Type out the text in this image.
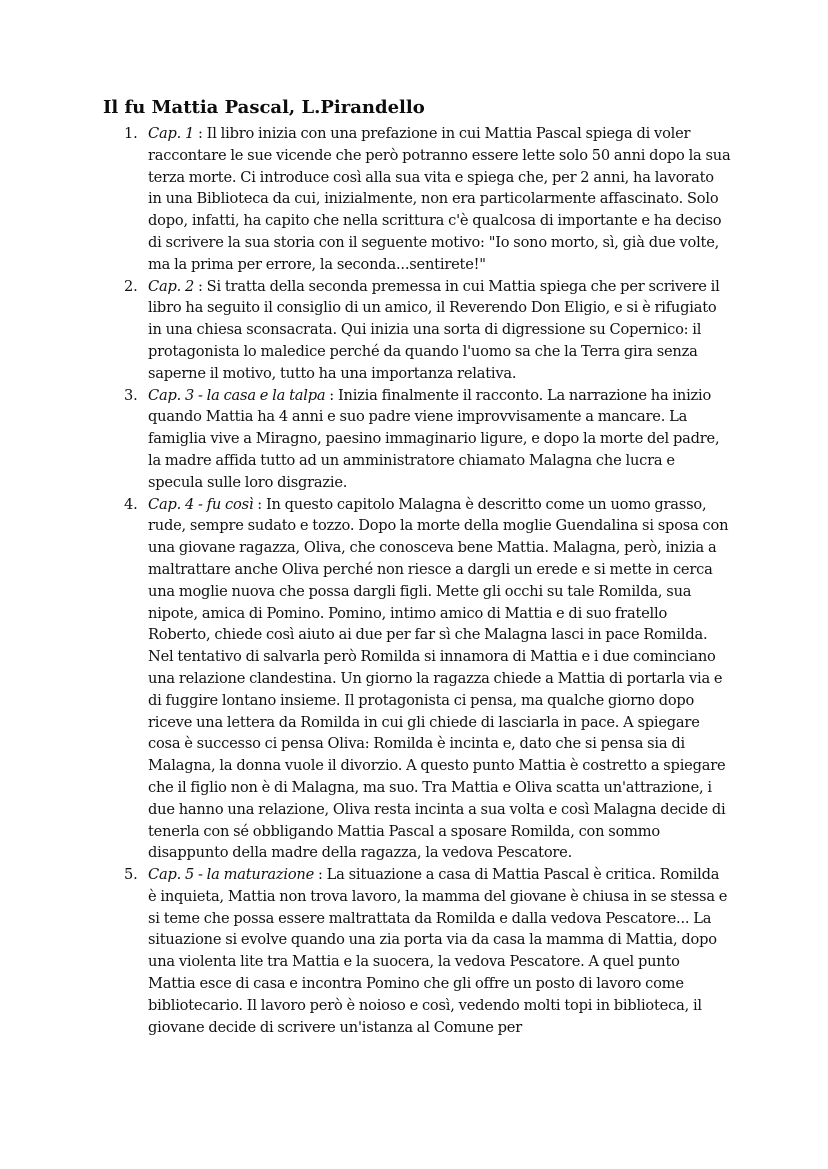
Il fu Mattia Pascal, L.Pirandello
1. Cap. 1 : Il libro inizia con una prefazione in cui Mattia Pascal spiega di voler raccontare le sue vicende che però potranno essere lette solo 50 anni dopo la sua terza morte. Ci introduce così alla sua vita e spiega che, per 2 anni, ha lavorato in una Biblioteca da cui, inizialmente, non era particolarmente affascinato. Solo dopo, infatti, ha capito che nella scrittura c'è qualcosa di importante e ha deciso di scrivere la sua storia con il seguente motivo: "Io sono morto, sì, già due volte, ma la prima per errore, la seconda...sentirete!"
2. Cap. 2 : Si tratta della seconda premessa in cui Mattia spiega che per scrivere il libro ha seguito il consiglio di un amico, il Reverendo Don Eligio, e si è rifugiato in una chiesa sconsacrata. Qui inizia una sorta di digressione su Copernico: il protagonista lo maledice perché da quando l'uomo sa che la Terra gira senza saperne il motivo, tutto ha una importanza relativa.
3. Cap. 3 - la casa e la talpa : Inizia finalmente il racconto. La narrazione ha inizio quando Mattia ha 4 anni e suo padre viene improvvisamente a mancare. La famiglia vive a Miragno, paesino immaginario ligure, e dopo la morte del padre, la madre affida tutto ad un amministratore chiamato Malagna che lucra e specula sulle loro disgrazie.
4. Cap. 4 - fu così : In questo capitolo Malagna è descritto come un uomo grasso, rude, sempre sudato e tozzo. Dopo la morte della moglie Guendalina si sposa con una giovane ragazza, Oliva, che conosceva bene Mattia. Malagna, però, inizia a maltrattare anche Oliva perché non riesce a dargli un erede e si mette in cerca una moglie nuova che possa dargli figli. Mette gli occhi su tale Romilda, sua nipote, amica di Pomino. Pomino, intimo amico di Mattia e di suo fratello Roberto, chiede così aiuto ai due per far sì che Malagna lasci in pace Romilda. Nel tentativo di salvarla però Romilda si innamora di Mattia e i due cominciano una relazione clandestina. Un giorno la ragazza chiede a Mattia di portarla via e di fuggire lontano insieme. Il protagonista ci pensa, ma qualche giorno dopo riceve una lettera da Romilda in cui gli chiede di lasciarla in pace. A spiegare cosa è successo ci pensa Oliva: Romilda è incinta e, dato che si pensa sia di Malagna, la donna vuole il divorzio. A questo punto Mattia è costretto a spiegare che il figlio non è di Malagna, ma suo. Tra Mattia e Oliva scatta un'attrazione, i due hanno una relazione, Oliva resta incinta a sua volta e così Malagna decide di tenerla con sé obbligando Mattia Pascal a sposare Romilda, con sommo disappunto della madre della ragazza, la vedova Pescatore.
5. Cap. 5 - la maturazione : La situazione a casa di Mattia Pascal è critica. Romilda è inquieta, Mattia non trova lavoro, la mamma del giovane è chiusa in se stessa e si teme che possa essere maltrattata da Romilda e dalla vedova Pescatore... La situazione si evolve quando una zia porta via da casa la mamma di Mattia, dopo una violenta lite tra Mattia e la suocera, la vedova Pescatore. A quel punto Mattia esce di casa e incontra Pomino che gli offre un posto di lavoro come bibliotecario. Il lavoro però è noioso e così, vedendo molti topi in biblioteca, il giovane decide di scrivere un'istanza al Comune per
